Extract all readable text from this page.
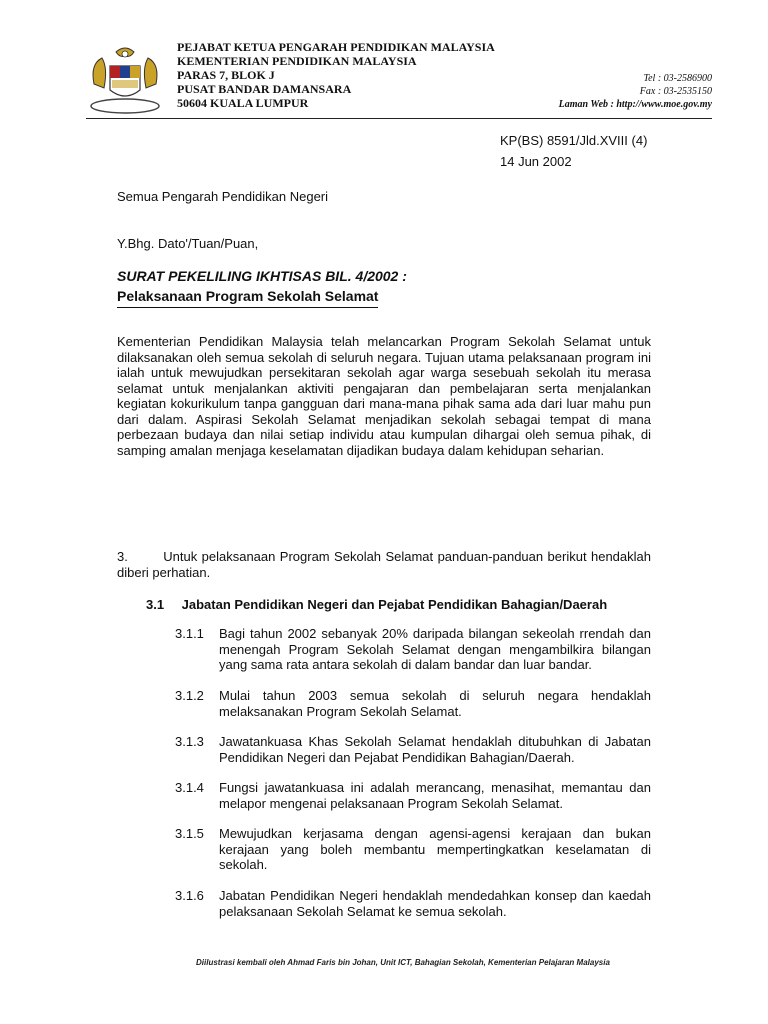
PEJABAT KETUA PENGARAH PENDIDIKAN MALAYSIA
KEMENTERIAN PENDIDIKAN MALAYSIA
PARAS 7, BLOK J
PUSAT BANDAR DAMANSARA
50604 KUALA LUMPUR
Tel : 03-2586900
Fax : 03-2535150
Laman Web : http://www.moe.gov.my
KP(BS) 8591/Jld.XVIII (4)
14 Jun 2002
Semua Pengarah Pendidikan Negeri
Y.Bhg. Dato'/Tuan/Puan,
SURAT PEKELILING IKHTISAS BIL. 4/2002 :
Pelaksanaan Program Sekolah Selamat
Kementerian Pendidikan Malaysia telah melancarkan Program Sekolah Selamat untuk dilaksanakan oleh semua sekolah di seluruh negara. Tujuan utama pelaksanaan program ini ialah untuk mewujudkan persekitaran sekolah agar warga sesebuah sekolah itu merasa selamat untuk menjalankan aktiviti pengajaran dan pembelajaran serta menjalankan kegiatan kokurikulum tanpa gangguan dari mana-mana pihak sama ada dari luar mahu pun dari dalam. Aspirasi Sekolah Selamat menjadikan sekolah sebagai tempat di mana perbezaan budaya dan nilai setiap individu atau kumpulan dihargai oleh semua pihak, di samping amalan menjaga keselamatan dijadikan budaya dalam kehidupan seharian.
3.        Untuk pelaksanaan Program Sekolah Selamat panduan-panduan berikut hendaklah diberi perhatian.
3.1 Jabatan Pendidikan Negeri dan Pejabat Pendidikan Bahagian/Daerah
3.1.1 Bagi tahun 2002 sebanyak 20% daripada bilangan sekeolah rrendah dan menengah Program Sekolah Selamat dengan mengambilkira bilangan yang sama rata antara sekolah di dalam bandar dan luar bandar.
3.1.2 Mulai tahun 2003 semua sekolah di seluruh negara hendaklah melaksanakan Program Sekolah Selamat.
3.1.3 Jawatankuasa Khas Sekolah Selamat hendaklah ditubuhkan di Jabatan Pendidikan Negeri dan Pejabat Pendidikan Bahagian/Daerah.
3.1.4 Fungsi jawatankuasa ini adalah merancang, menasihat, memantau dan melapor mengenai pelaksanaan Program Sekolah Selamat.
3.1.5 Mewujudkan kerjasama dengan agensi-agensi kerajaan dan bukan kerajaan yang boleh membantu mempertingkatkan keselamatan di sekolah.
3.1.6 Jabatan Pendidikan Negeri hendaklah mendedahkan konsep dan kaedah pelaksanaan Sekolah Selamat ke semua sekolah.
Diilustrasi kembali oleh Ahmad Faris bin Johan, Unit ICT, Bahagian Sekolah, Kementerian Pelajaran Malaysia
